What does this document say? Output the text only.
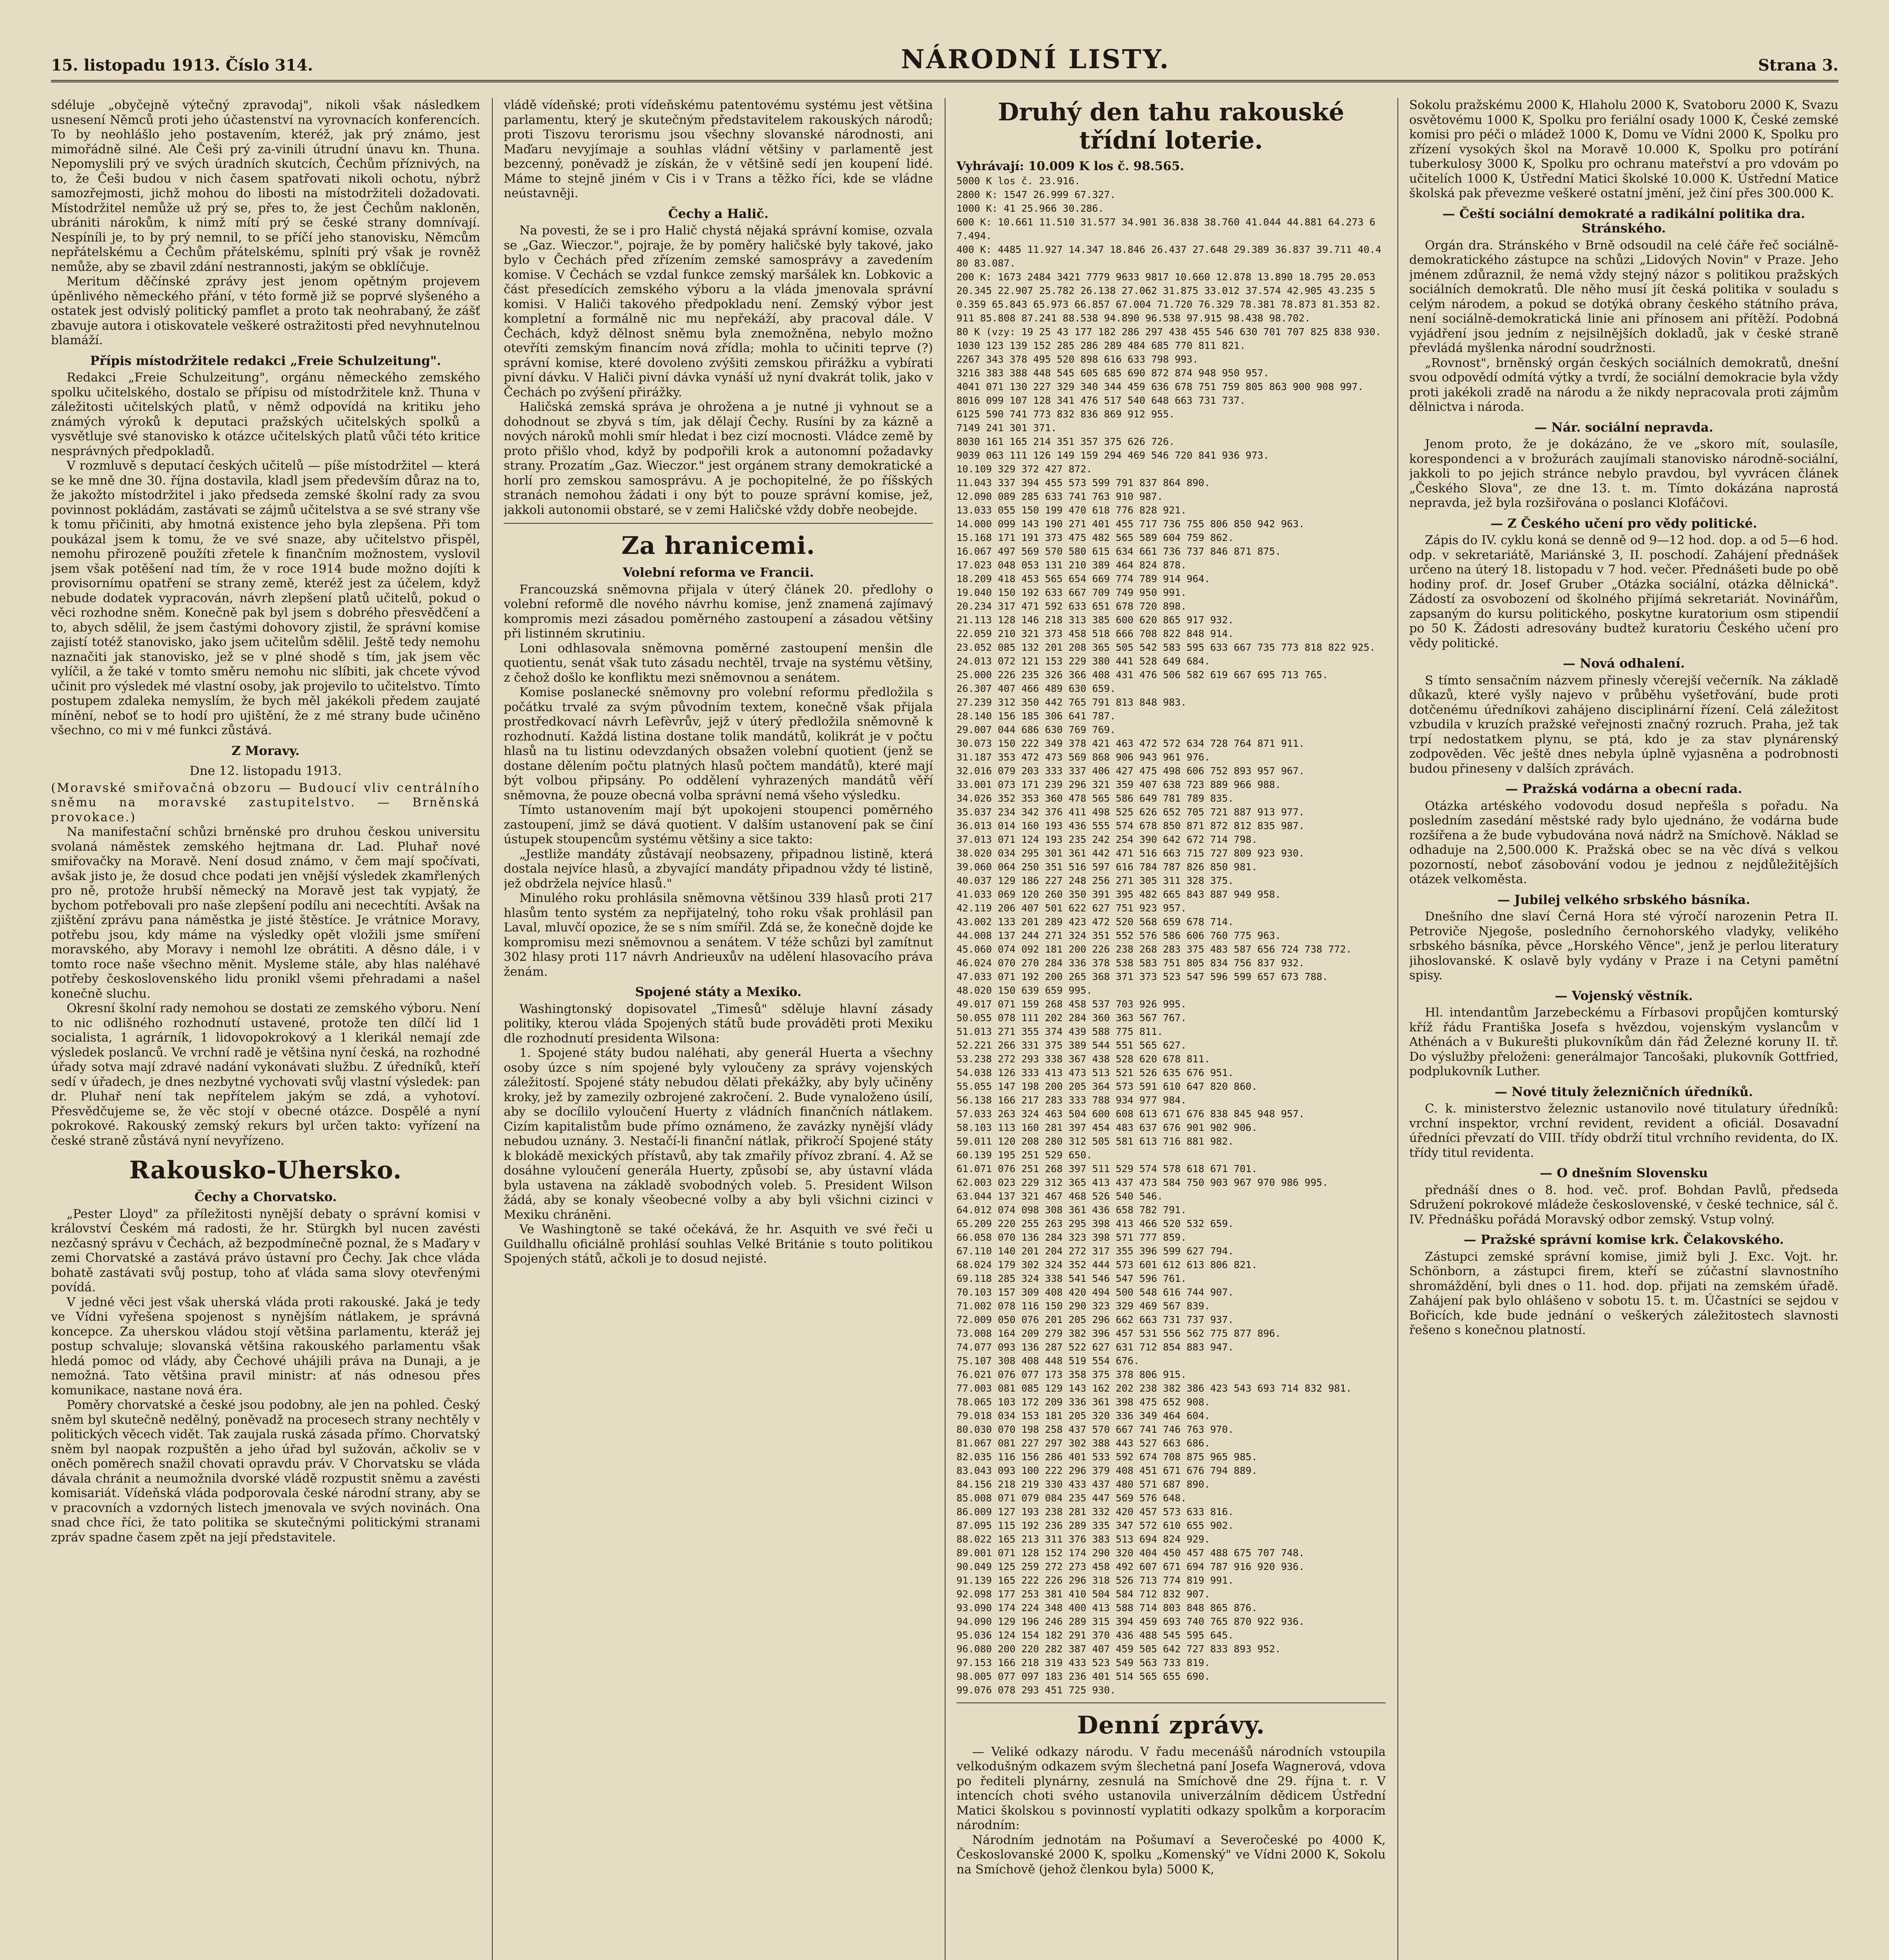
15. listopadu 1913. Číslo 314.	NÁRODNÍ LISTY.	Strana 3.

sdéluje „obyčejně výtečný zpravodaj", nikoli však následkem usnesení Němců proti jeho účastenství na vyrovnacích konferencích. To by neohlášlo jeho postavením, kteréž, jak prý známo, jest mimořádně silné. Ale Češi prý za-vinili útrudní únavu kn. Thuna. Nepomyslili prý ve svých úradních skutcích, Čechům příznivých, na to, že Češi budou v nich časem spatřovati nikoli ochotu, nýbrž samozřejmosti, jichž mohou do libosti na místodržiteli dožadovati. Místodržitel nemůže už prý se, přes to, že jest Čechům nakloněn, ubrániti nárokům, k nimž mítí prý se české strany domnívají. Nespíníli je, to by prý nemnil, to se příčí jeho stanovisku, Němcům nepřátelskému a Čechům přátelskému, splníti prý však je rovněž nemůže, aby se zbavil zdání nestrannosti, jakým se obklíčuje.

Meritum děčínské zprávy jest jenom opětným projevem úpěnlivého německého přání, v této formě již se poprvé slyšeného a ostatek jest odvislý politický pamflet a proto tak neohrabaný, že zášť zbavuje autora i otiskovatele veškeré ostražitosti před nevyhnutelnou blamáží.

Přípis místodržitele redakci „Freie Schulzeitung".

Redakci „Freie Schulzeitung", orgánu německého zemského spolku učitelského, dostalo se přípisu od místodržitele knž. Thuna v záležitosti učitelských platů, v němž odpovídá na kritiku jeho známých výroků k deputaci pražských učitelských spolků a vysvětluje své stanovisko k otázce učitelských platů vůči této kritice nesprávných předpokladů.

V rozmluvě s deputací českých učitelů — píše místodržitel — která se ke mně dne 30. října dostavila, kladl jsem především důraz na to, že jakožto místodržitel i jako předseda zemské školní rady za svou povinnost pokládám, zastávati se zájmů učitelstva a se své strany vše k tomu přičiniti, aby hmotná existence jeho byla zlepšena. Při tom poukázal jsem k tomu, že ve své snaze, aby učitelstvo přispěl, nemohu přirozeně použíti zřetele k finančním možnostem, vyslovil jsem však potěšení nad tím, že v roce 1914 bude možno dojíti k provisornímu opatření se strany země, kteréž jest za účelem, když nebude dodatek vypracován, návrh zlepšení platů učitelů, pokud o věci rozhodne sněm. Konečně pak byl jsem s dobrého přesvědčení a to, abych sdělil, že jsem častými dohovory zjistil, že správní komise zajistí totéž stanovisko, jako jsem učitelům sdělil. Ještě tedy nemohu naznačiti jak stanovisko, jež se v plné shodě s tím, jak jsem věc vylíčil, a že také v tomto směru nemohu nic slíbiti, jak chcete vývod učinit pro výsledek mé vlastní osoby, jak projevilo to učitelstvo. Tímto postupem zdaleka nemyslím, že bych měl jakékoli předem zaujaté mínění, neboť se to hodí pro ujištění, že z mé strany bude učiněno všechno, co mi v mé funkci zůstává.

Z Moravy.

Dne 12. listopadu 1913.

(Moravské smiřovačná obzoru — Budoucí vliv centrálního sněmu na moravské zastupitelstvo. — Brněnská provokace.)

Na manifestační schůzi brněnské pro druhou českou universitu svolaná náměstek zemského hejtmana dr. Lad. Pluhař nové smiřovačky na Moravě. Není dosud známo, v čem mají spočívati, avšak jisto je, že dosud chce podati jen vnější výsledek zkamřlených pro ně, protože hrubší německý na Moravě jest tak vypjatý, že bychom potřebovali pro naše zlepšení podílu ani necechtíti. Avšak na zjištění zprávu pana náměstka je jisté štěstíce. Je vrátnice Moravy, potřebu jsou, kdy máme na výsledky opět vložili jsme smíření moravského, aby Moravy i nemohl lze obrátiti. A děsno dále, i v tomto roce naše všechno měnit. Mysleme stále, aby hlas naléhavé potřeby československého lidu pronikl všemi přehradami a našel konečně sluchu.

Okresní školní rady nemohou se dostati ze zemského výboru. Není to nic odlišného rozhodnutí ustavené, protože ten dílčí lid 1 socialista, 1 agrárník, 1 lidovopokrokový a 1 klerikál nemají zde výsledek poslanců. Ve vrchní radě je většina nyní česká, na rozhodné úřady sotva mají zdravé nadání vykonávati službu. Z úředníků, kteří sedí v úřadech, je dnes nezbytné vychovati svůj vlastní výsledek: pan dr. Pluhař není tak nepřítelem jakým se zdá, a vyhotoví. Přesvědčujeme se, že věc stojí v obecné otázce. Dospělé a nyní pokrokové. Rakouský zemský rekurs byl určen takto: vyřízení na české straně zůstává nyní nevyřízeno.

Rakousko-Uhersko.

Čechy a Chorvatsko.

„Pester Lloyd" za příležitosti nynější debaty o správní komisi v království Českém má radosti, že hr. Stürgkh byl nucen zavésti nezčasný správu v Čechách, až bezpodmínečně poznal, že s Maďary v zemi Chorvatské a zastává právo ústavní pro Čechy. Jak chce vláda bohatě zastávati svůj postup, toho ať vláda sama slovy otevřenými povídá.

V jedné věci jest však uherská vláda proti rakouské. Jaká je tedy ve Vídni vyřešena spojenost s nynějším nátlakem, je správná koncepce. Za uherskou vládou stojí většina parlamentu, kteráž jej postup schvaluje; slovanská většina rakouského parlamentu však hledá pomoc od vlády, aby Čechové uhájili práva na Dunaji, a je nemožná. Tato většina pravil ministr: ať nás odnesou přes komunikace, nastane nová éra.

Poměry chorvatské a české jsou podobny, ale jen na pohled. Český sněm byl skutečně nedělný, poněvadž na procesech strany nechtěly v politických věcech vidět. Tak zaujala ruská zásada přímo. Chorvatský sněm byl naopak rozpuštěn a jeho úřad byl sužován, ačkoliv se v oněch poměrech snažil chovati opravdu práv. V Chorvatsku se vláda dávala chránit a neumožnila dvorské vládě rozpustit sněmu a zavésti komisariát. Vídeňská vláda podporovala české národní strany, aby se v pracovních a vzdorných listech jmenovala ve svých novinách. Ona snad chce říci, že tato politika se skutečnými politickými stranami zpráv spadne časem zpět na její představitele.

vládě vídeňské; proti vídeňskému patentovému systému jest většina parlamentu, který je skutečným představitelem rakouských národů; proti Tiszovu terorismu jsou všechny slovanské národnosti, ani Maďaru nevyjímaje a souhlas vládní většiny v parlamentě jest bezcenný, poněvadž je získán, že v většině sedí jen koupení lidé. Máme to stejně jiném v Cis i v Trans a těžko říci, kde se vládne neústavněji.

Čechy a Halič.

Na povesti, že se i pro Halič chystá nějaká správní komise, ozvala se „Gaz. Wieczor.", pojraje, že by poměry haličské byly takové, jako bylo v Čechách před zřízením zemské samosprávy a zavedením komise. V Čechách se vzdal funkce zemský maršálek kn. Lobkovic a část přesedících zemského výboru a la vláda jmenovala správní komisi. V Haliči takového předpokladu není. Zemský výbor jest kompletní a formálně nic mu nepřekáží, aby pracoval dále. V Čechách, když dělnost sněmu byla znemožněna, nebylo možno otevříti zemským financím nová zřídla; mohla to učiniti teprve (?) správní komise, které dovoleno zvýšiti zemskou přirážku a vybírati pivní dávku. V Haliči pivní dávka vynáší už nyní dvakrát tolik, jako v Čechách po zvýšení přirážky.

Haličská zemská správa je ohrožena a je nutné ji vyhnout se a dohodnout se zbyvá s tím, jak dělají Čechy. Rusíni by za kázně a nových nároků mohli smír hledat i bez cizí mocnosti. Vládce země by proto přišlo vhod, když by podpořili krok a autonomní požadavky strany. Prozatím „Gaz. Wieczor." jest orgánem strany demokratické a horlí pro zemskou samosprávu. A je pochopitelné, že po říšských stranách nemohou žádati i ony být to pouze správní komise, jež, jakkoli autonomii obstaré, se v zemi Haličské vždy dobře neobejde.

Za hranicemi.

Volební reforma ve Francii.

Francouzská sněmovna přijala v úterý článek 20. předlohy o volební reformě dle nového návrhu komise, jenž znamená zajímavý kompromis mezi zásadou poměrného zastoupení a zásadou většiny při listinném skrutiniu.

Loni odhlasovala sněmovna poměrné zastoupení menšin dle quotientu, senát však tuto zásadu nechtěl, trvaje na systému většiny, z čehož došlo ke konfliktu mezi sněmovnou a senátem.

Komise poslanecké sněmovny pro volební reformu předložila s počátku trvalé za svým původním textem, konečně však přijala prostředkovací návrh Lefèvrův, jejž v úterý předložila sněmovně k rozhodnutí. Každá listina dostane tolik mandátů, kolikrát je v počtu hlasů na tu listinu odevzdaných obsažen volební quotient (jenž se dostane dělením počtu platných hlasů počtem mandátů), které mají být volbou připsány. Po oddělení vyhrazených mandátů věří sněmovna, že pouze obecná volba správní nemá všeho výsledku.

Tímto ustanovením mají být upokojeni stoupenci poměrného zastoupení, jimž se dává quotient. V dalším ustanovení pak se činí ústupek stoupencům systému většiny a sice takto:

„Jestliže mandáty zůstávají neobsazeny, připadnou listině, která dostala nejvíce hlasů, a zbyvající mandáty připadnou vždy té listině, jež obdržela nejvíce hlasů."

Minulého roku prohlásila sněmovna většinou 339 hlasů proti 217 hlasům tento systém za nepřijatelný, toho roku však prohlásil pan Laval, mluvčí opozice, že se s ním smířil. Zdá se, že konečně dojde ke kompromisu mezi sněmovnou a senátem. V téže schůzi byl zamítnut 302 hlasy proti 117 návrh Andrieuxův na udělení hlasovacího práva ženám.

Spojené státy a Mexiko.

Washingtonský dopisovatel „Timesů" sděluje hlavní zásady politiky, kterou vláda Spojených států bude prováděti proti Mexiku dle rozhodnutí presidenta Wilsona:

1. Spojené státy budou naléhati, aby generál Huerta a všechny osoby úzce s ním spojené byly vyloučeny za správy vojenských záležitostí. Spojené státy nebudou dělati překážky, aby byly učiněny kroky, jež by zamezily ozbrojené zakročení. 2. Bude vynaloženo úsilí, aby se docílilo vyloučení Huerty z vládních finančních nátlakem. Cizím kapitalistům bude přímo oznámeno, že zavázky nynější vlády nebudou uznány. 3. Nestačí-li finanční nátlak, přikročí Spojené státy k blokádě mexických přístavů, aby tak zmařily přívoz zbraní. 4. Až se dosáhne vyloučení generála Huerty, způsobí se, aby ústavní vláda byla ustavena na základě svobodných voleb. 5. President Wilson žádá, aby se konaly všeobecné volby a aby byli všichni cizinci v Mexiku chráněni.

Ve Washingtoně se také očekává, že hr. Asquith ve své řeči u Guildhallu oficiálně prohlásí souhlas Velké Británie s touto politikou Spojených států, ačkoli je to dosud nejisté.

Druhý den tahu rakouské třídní loterie.

Vyhrávají: 10.009 K los č. 98.565.

5000 K los č. 23.916.

2800 K: 1547 26.999 67.327.

1000 K: 41 25.966 30.286.

600 K: 10.661 11.510 31.577 34.901 36.838 38.760 41.044 44.881 64.273 67.494.

400 K: 4485 11.927 14.347 18.846 26.437 27.648 29.389 36.837 39.711 40.480 83.087.

200 K: 1673 2484 3421 7779 9633 9817 10.660 12.878 13.890 18.795 20.053 20.345 22.907 25.782 26.138 27.062 31.875 33.012 37.574 42.905 43.235 50.359 65.843 65.973 66.857 67.004 71.720 76.329 78.381 78.873 81.353 82.911 85.808 87.241 88.538 94.890 96.538 97.915 98.438 98.702.

80 K (vzy: 19 25 43 177 182 286 297 438 455 546 630 701 707 825 838 930.

1030 123 139 152 285 286 289 484 685 770 811 821.

2267 343 378 495 520 898 616 633 798 993.

3216 383 388 448 545 605 685 690 872 874 948 950 957.

4041 071 130 227 329 340 344 459 636 678 751 759 805 863 900 908 997.

8016 099 107 128 341 476 517 540 648 663 731 737.

6125 590 741 773 832 836 869 912 955.

7149 241 301 371.

8030 161 165 214 351 357 375 626 726.

9039 063 111 126 149 159 294 469 546 720 841 936 973.

10.109 329 372 427 872.

11.043 337 394 455 573 599 791 837 864 890.

12.090 089 285 633 741 763 910 987.

13.033 055 150 199 470 618 776 828 921.

14.000 099 143 190 271 401 455 717 736 755 806 850 942 963.

15.168 171 191 373 475 482 565 589 604 759 862.

16.067 497 569 570 580 615 634 661 736 737 846 871 875.

17.023 048 053 131 210 389 464 824 878.

18.209 418 453 565 654 669 774 789 914 964.

19.040 150 192 633 667 709 749 950 991.

20.234 317 471 592 633 651 678 720 898.

21.113 128 146 218 313 385 600 620 865 917 932.

22.059 210 321 373 458 518 666 708 822 848 914.

23.052 085 132 201 208 365 505 542 583 595 633 667 735 773 818 822 925.

24.013 072 121 153 229 380 441 528 649 684.

25.000 226 235 326 366 408 431 476 506 582 619 667 695 713 765.

26.307 407 466 489 630 659.

27.239 312 350 442 765 791 813 848 983.

28.140 156 185 306 641 787.

29.007 044 686 630 769 769.

30.073 150 222 349 378 421 463 472 572 634 728 764 871 911.

31.187 353 472 473 569 868 906 943 961 976.

32.016 079 203 333 337 406 427 475 498 606 752 893 957 967.

33.001 073 171 239 296 321 359 407 638 723 889 966 988.

34.026 352 353 360 478 565 586 649 781 789 835.

35.037 234 342 376 411 498 525 626 652 705 721 887 913 977.

36.013 014 160 193 436 555 574 678 850 871 872 812 835 987.

37.013 071 124 193 235 242 254 390 642 672 714 798.

38.020 034 295 301 361 442 471 516 663 715 727 809 923 930.

39.060 064 250 351 516 597 616 784 787 826 850 981.

40.037 129 186 227 248 256 271 305 311 328 375.

41.033 069 120 260 350 391 395 482 665 843 887 949 958.

42.119 206 407 501 622 627 751 923 957.

43.002 133 201 289 423 472 520 568 659 678 714.

44.008 137 244 271 324 351 552 576 586 606 760 775 963.

45.060 074 092 181 200 226 238 268 283 375 483 587 656 724 738 772.

46.024 070 270 284 336 378 538 583 751 805 834 756 837 932.

47.033 071 192 200 265 368 371 373 523 547 596 599 657 673 788.

48.020 150 639 659 995.

49.017 071 159 268 458 537 703 926 995.

50.055 078 111 202 284 360 363 567 767.

51.013 271 355 374 439 588 775 811.

52.221 266 331 375 389 544 551 565 627.

53.238 272 293 338 367 438 528 620 678 811.

54.038 126 333 413 473 513 521 526 635 676 951.

55.055 147 198 200 205 364 573 591 610 647 820 860.

56.138 166 217 283 333 788 934 977 984.

57.033 263 324 463 504 600 608 613 671 676 838 845 948 957.

58.103 113 160 281 397 454 483 637 676 901 902 906.

59.011 120 208 280 312 505 581 613 716 881 982.

60.139 195 251 529 650.

61.071 076 251 268 397 511 529 574 578 618 671 701.

62.003 023 229 312 365 413 437 473 584 750 903 967 970 986 995.

63.044 137 321 467 468 526 540 546.

64.012 074 098 308 361 436 658 782 791.

65.209 220 255 263 295 398 413 466 520 532 659.

66.058 070 136 284 323 398 571 777 859.

67.110 140 201 204 272 317 355 396 599 627 794.

68.024 179 302 324 352 444 573 601 612 613 806 821.

69.118 285 324 338 541 546 547 596 761.

70.103 157 309 408 420 494 500 548 616 744 907.

71.002 078 116 150 290 323 329 469 567 839.

72.009 050 076 201 205 296 662 663 731 737 937.

73.008 164 209 279 382 396 457 531 556 562 775 877 896.

74.077 093 136 287 522 627 631 712 854 883 947.

75.107 308 408 448 519 554 676.

76.021 076 077 173 358 375 378 806 915.

77.003 081 085 129 143 162 202 238 382 386 423 543 693 714 832 981.

78.065 103 172 209 336 361 398 475 652 908.

79.018 034 153 181 205 320 336 349 464 604.

80.030 070 198 258 437 570 667 741 746 763 970.

81.067 081 227 297 302 388 443 527 663 686.

82.035 116 156 286 401 533 592 674 708 875 965 985.

83.043 093 100 222 296 379 408 451 671 676 794 889.

84.156 218 219 330 433 437 480 571 687 890.

85.008 071 079 084 235 447 569 576 648.

86.009 127 193 238 281 332 420 457 573 633 816.

87.095 115 192 236 289 335 347 572 610 655 902.

88.022 165 213 311 376 383 513 694 824 929.

89.001 071 128 152 174 290 320 404 450 457 488 675 707 748.

90.049 125 259 272 273 458 492 607 671 694 787 916 920 936.

91.139 165 222 226 296 318 526 713 774 819 991.

92.098 177 253 381 410 504 584 712 832 907.

93.090 174 224 348 400 413 588 714 803 848 865 876.

94.090 129 196 246 289 315 394 459 693 740 765 870 922 936.

95.036 124 154 182 291 370 436 488 545 595 645.

96.080 200 220 282 387 407 459 505 642 727 833 893 952.

97.153 166 218 319 433 523 549 563 733 819.

98.005 077 097 183 236 401 514 565 655 690.

99.076 078 293 451 725 930.

Denní zprávy.

— Veliké odkazy národu. V řadu mecenášů národních vstoupila velkodušným odkazem svým šlechetná paní Josefa Wagnerová, vdova po řediteli plynárny, zesnulá na Smíchově dne 29. října t. r. V intencích choti svého ustanovila univerzálním dědicem Ústřední Matici školskou s povinností vyplatiti odkazy spolkům a korporacím národním:

Národním jednotám na Pošumaví a Severočeské po 4000 K, Českoslovanské 2000 K, spolku „Komenský" ve Vídni 2000 K, Sokolu na Smíchově (jehož členkou byla) 5000 K,

Sokolu pražskému 2000 K, Hlaholu 2000 K, Svatoboru 2000 K, Svazu osvětovému 1000 K, Spolku pro feriální osady 1000 K, České zemské komisi pro péči o mládež 1000 K, Domu ve Vídni 2000 K, Spolku pro zřízení vysokých škol na Moravě 10.000 K, Spolku pro potírání tuberkulosy 3000 K, Spolku pro ochranu mateřství a pro vdovám po učitelích 1000 K, Ústřední Matici školské 10.000 K. Ústřední Matice školská pak převezme veškeré ostatní jmění, jež činí přes 300.000 K.

— Čeští sociální demokraté a radikální politika dra. Stránského.

Orgán dra. Stránského v Brně odsoudil na celé čáře řeč sociálně-demokratického zástupce na schůzi „Lidových Novin" v Praze. Jeho jménem zdůraznil, že nemá vždy stejný názor s politikou pražských sociálních demokratů. Dle něho musí jít česká politika v souladu s celým národem, a pokud se dotýká obrany českého státního práva, není sociálně-demokratická linie ani přínosem ani přítěží. Podobná vyjádření jsou jedním z nejsilnějších dokladů, jak v české straně převládá myšlenka národní soudržnosti.

„Rovnost", brněnský orgán českých sociálních demokratů, dnešní svou odpovědí odmítá výtky a tvrdí, že sociální demokracie byla vždy proti jakékoli zradě na národu a že nikdy nepracovala proti zájmům dělnictva i národa.

— Nár. sociální nepravda.

Jenom proto, že je dokázáno, že ve „skoro mít, soulasíle, korespondenci a v brožurách zaujímali stanovisko národně-sociální, jakkoli to po jejich stránce nebylo pravdou, byl vyvrácen článek „Českého Slova", ze dne 13. t. m. Tímto dokázána naprostá nepravda, jež byla rozšiřována o poslanci Klofáčovi.

— Z Českého učení pro vědy politické.

Zápis do IV. cyklu koná se denně od 9—12 hod. dop. a od 5—6 hod. odp. v sekretariátě, Mariánské 3, II. poschodí. Zahájení přednášek určeno na úterý 18. listopadu v 7 hod. večer. Přednášeti bude po obě hodiny prof. dr. Josef Gruber „Otázka sociální, otázka dělnická". Zádostí za osvobození od školného přijímá sekretariát. Novinářům, zapsaným do kursu politického, poskytne kuratorium osm stipendií po 50 K. Žádosti adresovány budtež kuratoriu Českého učení pro vědy politické.

— Nová odhalení.

S tímto sensačním názvem přinesly včerejší večerník. Na základě důkazů, které vyšly najevo v průběhu vyšetřování, bude proti dotčenému úředníkovi zahájeno disciplinární řízení. Celá záležitost vzbudila v kruzích pražské veřejnosti značný rozruch. Praha, jež tak trpí nedostatkem plynu, se ptá, kdo je za stav plynárenský zodpověden. Věc ještě dnes nebyla úplně vyjasněna a podrobnosti budou přineseny v dalších zprávách.

— Pražská vodárna a obecní rada.

Otázka artéského vodovodu dosud nepřešla s pořadu. Na posledním zasedání městské rady bylo ujednáno, že vodárna bude rozšířena a že bude vybudována nová nádrž na Smíchově. Náklad se odhaduje na 2,500.000 K. Pražská obec se na věc dívá s velkou pozorností, neboť zásobování vodou je jednou z nejdůležitějších otázek velkoměsta.

— Jubilej velkého srbského básníka.

Dnešního dne slaví Černá Hora sté výročí narozenin Petra II. Petroviče Njegoše, posledního černohorského vladyky, velikého srbského básníka, pěvce „Horského Věnce", jenž je perlou literatury jihoslovanské. K oslavě byly vydány v Praze i na Cetyni pamětní spisy.

— Vojenský věstník.

Hl. intendantům Jarzebeckému a Fírbasovi propůjčen komturský kříž řádu Františka Josefa s hvězdou, vojenským vyslancům v Athénách a v Bukurešti plukovníkům dán řád Železné koruny II. tř. Do výslužby přeloženi: generálmajor Tancošaki, plukovník Gottfried, podplukovník Luther.

— Nové tituly železničních úředníků.

C. k. ministerstvo železnic ustanovilo nové titulatury úředníků: vrchní inspektor, vrchní revident, revident a oficiál. Dosavadní úředníci převzatí do VIII. třídy obdrží titul vrchního revidenta, do IX. třídy titul revidenta.

— O dnešním Slovensku

přednáší dnes o 8. hod. več. prof. Bohdan Pavlů, předseda Sdružení pokrokové mládeže československé, v české technice, sál č. IV. Přednášku pořádá Moravský odbor zemský. Vstup volný.

— Pražské správní komise krk. Čelakovského.

Zástupci zemské správní komise, jimiž byli J. Exc. Vojt. hr. Schönborn, a zástupci firem, kteří se zúčastní slavnostního shromáždění, byli dnes o 11. hod. dop. přijati na zemském úřadě. Zahájení pak bylo ohlášeno v sobotu 15. t. m. Účastníci se sejdou v Bořicích, kde bude jednání o veškerých záležitostech slavnosti řešeno s konečnou platností.
